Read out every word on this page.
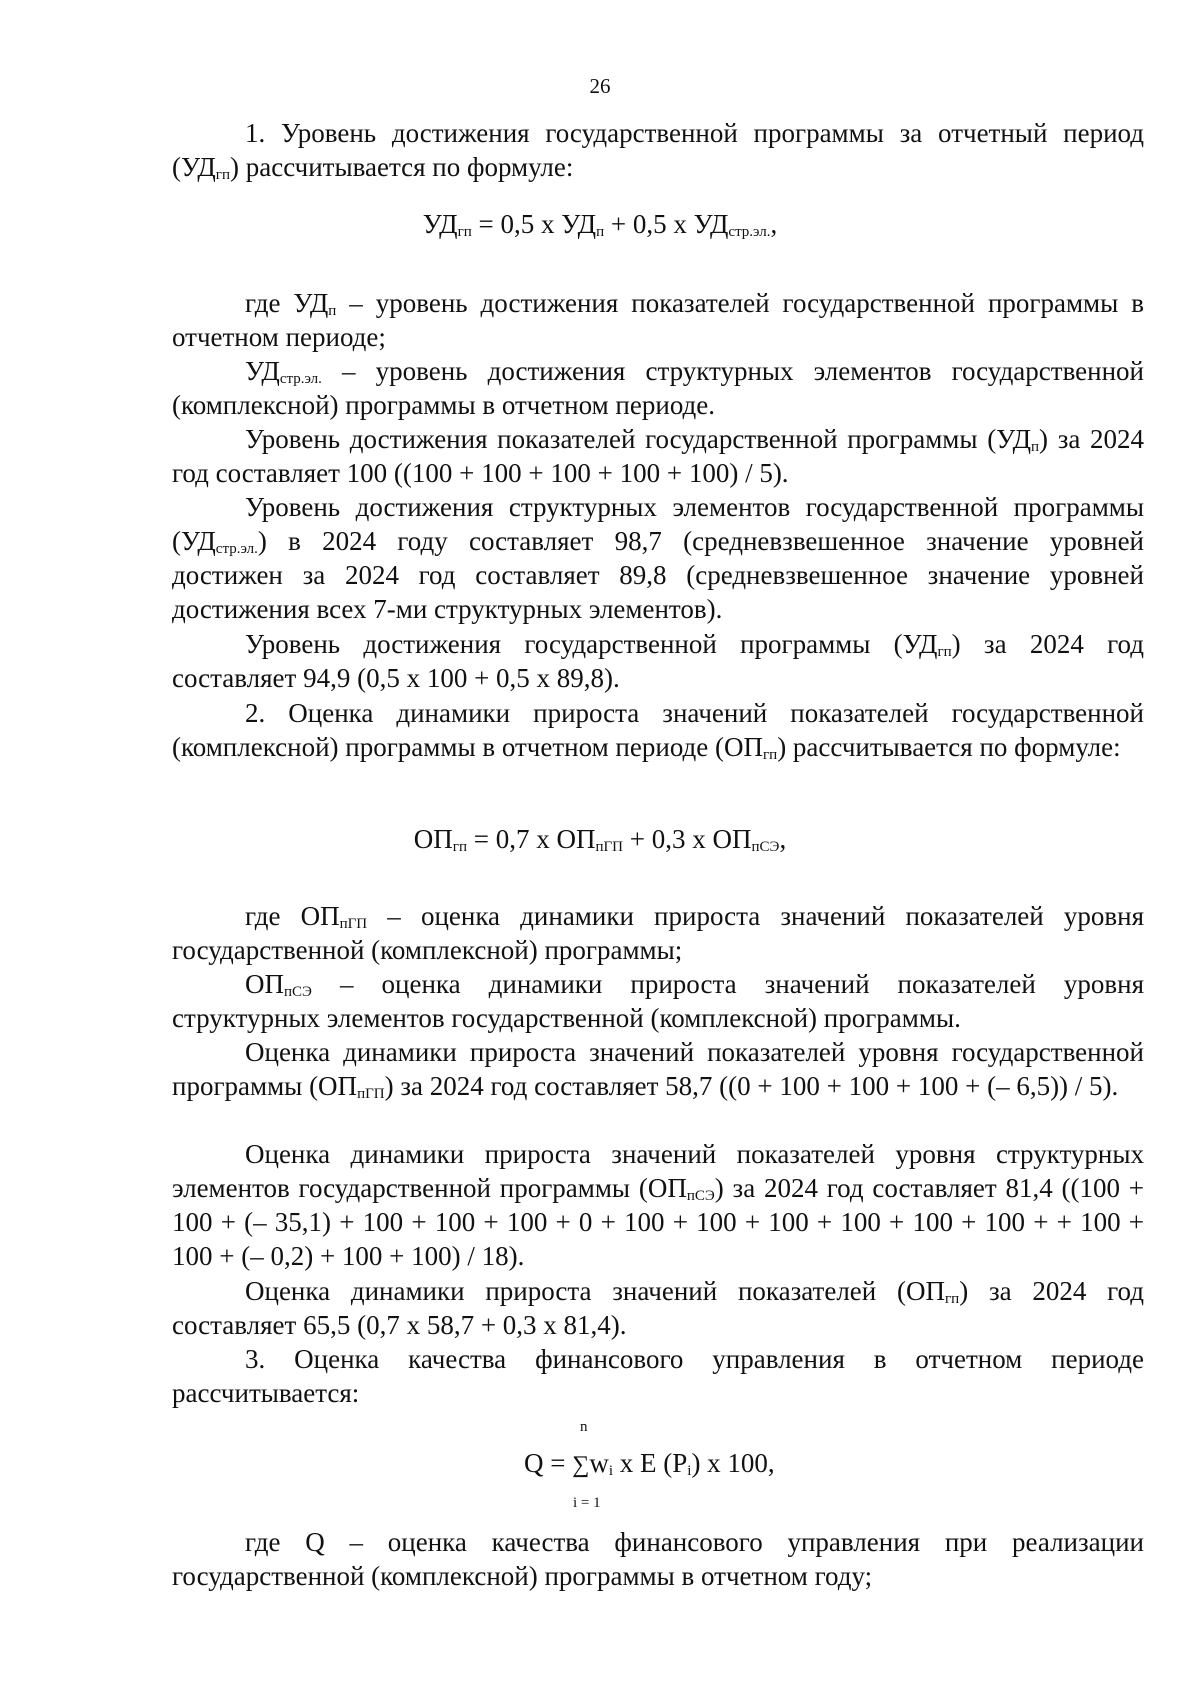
26
1. Уровень достижения государственной программы за отчетный период $(УД_{гп})$ рассчитывается по формуле:
$УД_{гп} = 0,5$ х $УД_п + 0,5$ х $УД_{стр.эл.}$,
где $УД_п$ – уровень достижения показателей государственной программы в отчетном периоде;
$УД_{стр.эл.}$ – уровень достижения структурных элементов государственной (комплексной) программы в отчетном периоде.
Уровень достижения показателей государственной программы $(УД_п)$ за 2024 год составляет 100 ((100 + 100 + 100 + 100 + 100) / 5).
Уровень достижения структурных элементов государственной программы $(УД_{стр.эл.})$ в 2024 году составляет 98,7 (средневзвешенное значение уровней достижен за 2024 год составляет 89,8 (средневзвешенное значение уровней достижения всех 7-ми структурных элементов).
Уровень достижения государственной программы $(УД_{гп})$ за 2024 год составляет 94,9 (0,5 х 100 + 0,5 х 89,8).
2. Оценка динамики прироста значений показателей государственной (комплексной) программы в отчетном периоде $(ОП_{гп})$ рассчитывается по формуле:
$ОП_{гп} = 0,7$ х $ОП_{пГП} + 0,3$ х $ОП_{пСЭ}$,
где $ОП_{пГП}$ – оценка динамики прироста значений показателей уровня государственной (комплексной) программы;
$ОП_{пСЭ}$ – оценка динамики прироста значений показателей уровня структурных элементов государственной (комплексной) программы.
Оценка динамики прироста значений показателей уровня государственной программы $(ОП_{пГП})$ за 2024 год составляет 58,7 ((0 + 100 + 100 + 100 + (– 6,5)) / 5).
Оценка динамики прироста значений показателей уровня структурных элементов государственной программы $(ОП_{пСЭ})$ за 2024 год составляет 81,4 ((100 + 100 + (– 35,1) + 100 + 100 + 100 + 0 + 100 + 100 + 100 + 100 + 100 + 100 + + 100 + 100 + (– 0,2) + 100 + 100) / 18).
Оценка динамики прироста значений показателей $(ОП_{гп})$ за 2024 год составляет 65,5 (0,7 х 58,7 + 0,3 х 81,4).
3. Оценка качества финансового управления в отчетном периоде рассчитывается:
n
$Q = \sum w_i$ х E $(P_i)$ х 100,
i = 1
где Q – оценка качества финансового управления при реализации государственной (комплексной) программы в отчетном году;
